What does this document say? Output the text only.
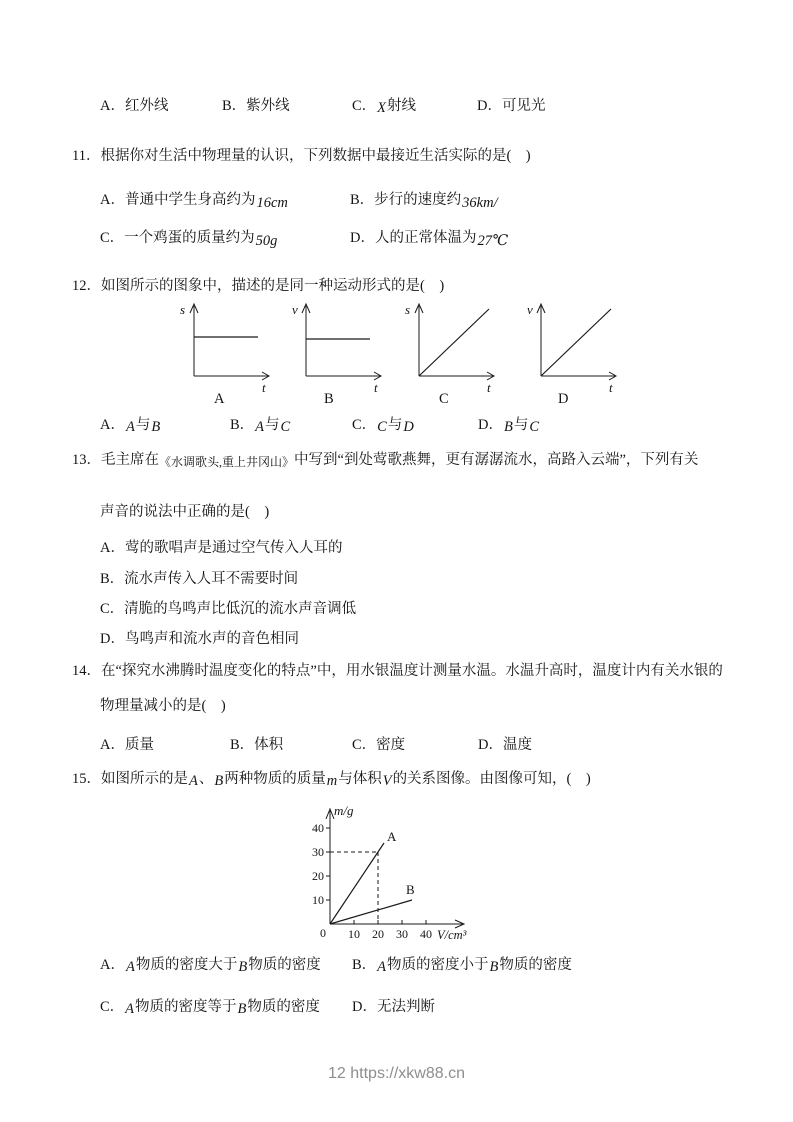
A．红外线	B．紫外线	C．X射线	D．可见光
11．根据你对生活中物理量的认识，下列数据中最接近生活实际的是(　)
A．普通中学生身高约为16cm	B．步行的速度约36km/
C．一个鸡蛋的质量约为50g	D．人的正常体温为27℃
12．如图所示的图象中，描述的是同一种运动形式的是(　)
s
t
v
t
s
t
v
t
A	B	C	D
A．A与B	B．A与C	C．C与D	D．B与C
13．毛主席在《水调歌头,重上井冈山》中写到“到处莺歌燕舞，更有潺潺流水，高路入云端”，下列有关
声音的说法中正确的是(　)
A．莺的歌唱声是通过空气传入人耳的
B．流水声传入人耳不需要时间
C．清脆的鸟鸣声比低沉的流水声音调低
D．鸟鸣声和流水声的音色相同
14．在“探究水沸腾时温度变化的特点”中，用水银温度计测量水温。水温升高时，温度计内有关水银的
物理量减小的是(　)
A．质量	B．体积	C．密度	D．温度
15．如图所示的是A、B两种物质的质量m与体积V的关系图像。由图像可知，(　)
m/g
V/cm³
10
20
30
40
10 20 30 40
0
A
B
A．A物质的密度大于B物质的密度 B．A物质的密度小于B物质的密度
C．A物质的密度等于B物质的密度 D．无法判断
12 https://xkw88.cn
